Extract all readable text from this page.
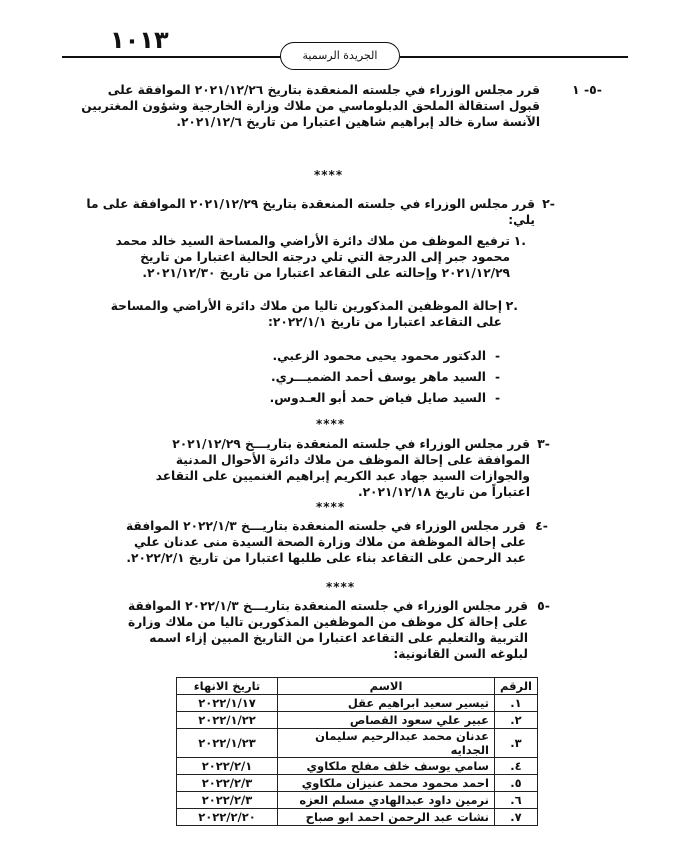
١٠١٣
الجريدة الرسمية
قرر مجلس الوزراء في جلسته المنعقدة بتاريخ ٢٠٢١/١٢/٢٦ الموافقة على قبول استقالة الملحق الدبلوماسي من ملاك وزارة الخارجية وشؤون المغتربين الآنسة سارة خالد إبراهيم شاهين اعتبارا من تاريخ ٢٠٢١/١٢/٦.
٥- ١-
****
قرر مجلس الوزراء في جلسته المنعقدة بتاريخ ٢٠٢١/١٢/٢٩ الموافقة على ما يلي:
٢-
ترفيع الموظف من ملاك دائرة الأراضي والمساحة السيد خالد محمد محمود جبر إلى الدرجة التي تلي درجته الحالية اعتبارا من تاريخ ٢٠٢١/١٢/٢٩ وإحالته على التقاعد اعتبارا من تاريخ ٢٠٢١/١٢/٣٠.
١.
إحالة الموظفين المذكورين تاليا من ملاك دائرة الأراضي والمساحة على التقاعد اعتبارا من تاريخ ٢٠٢٢/١/١:
٢.
- الدكتور محمود يحيى محمود الزعبي.
- السيد ماهر يوسف أحمد الضميـــري.
- السيد صايل فياض حمد أبو العـدوس.
****
قرر مجلس الوزراء في جلسته المنعقدة بتاريـــخ ٢٠٢١/١٢/٢٩ الموافقة على إحالة الموظف من ملاك دائرة الأحوال المدنية والجوازات السيد جهاد عبد الكريم إبراهيم الغنميين على التقاعد اعتباراً من تاريخ ٢٠٢١/١٢/١٨.
٣-
****
قرر مجلس الوزراء في جلسته المنعقدة بتاريـــخ ٢٠٢٢/١/٣ الموافقة على إحالة الموظفة من ملاك وزارة الصحة السيدة منى عدنان علي عبد الرحمن على التقاعد بناء على طلبها اعتبارا من تاريخ ٢٠٢٢/٢/١.
٤-
****
قرر مجلس الوزراء في جلسته المنعقدة بتاريـــخ ٢٠٢٢/١/٣ الموافقة على إحالة كل موظف من الموظفين المذكورين تاليا من ملاك وزارة التربية والتعليم على التقاعد اعتبارا من التاريخ المبين إزاء اسمه لبلوغه السن القانونية:
٥-
الرقم	الاسم	تاريخ الانهاء
١.	تيسير سعيد ابراهيم عقل	٢٠٢٢/١/١٧
٢.	عبير علي سعود القصاص	٢٠٢٢/١/٢٢
٣.	عدنان محمد عبدالرحيم سليمان الجدايه	٢٠٢٢/١/٢٣
٤.	سامي يوسف خلف مفلح ملكاوي	٢٠٢٢/٢/١
٥.	احمد محمود محمد عنيزان ملكاوي	٢٠٢٢/٢/٣
٦.	نرمين داود عبدالهادي مسلم العزه	٢٠٢٢/٢/٣
٧.	نشات عبد الرحمن احمد ابو صباح	٢٠٢٢/٢/٢٠
